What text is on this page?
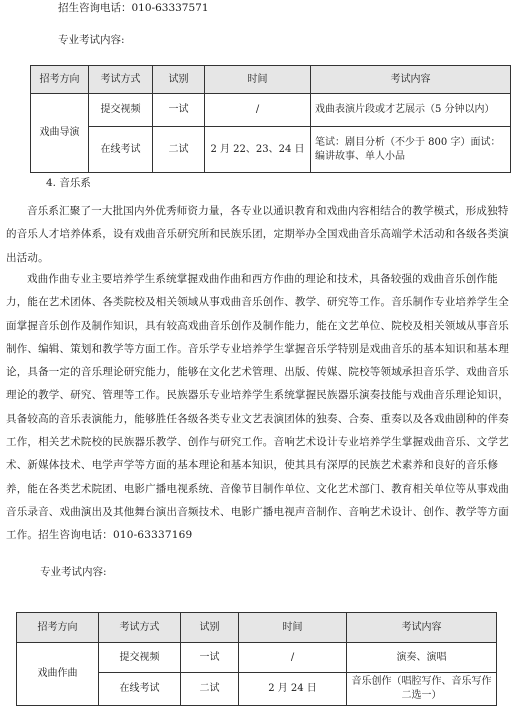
招生咨询电话：010-63337571
专业考试内容:
招考方向	考试方式	试别	时间	考试内容
戏曲导演	提交视频	一试	/	戏曲表演片段或才艺展示（5 分钟以内）
	在线考试	二试	2 月 22、23、24 日	笔试：剧目分析（不少于 800 字）面试：编讲故事、单人小品
4. 音乐系

音乐系汇聚了一大批国内外优秀师资力量，各专业以通识教育和戏曲内容相结合的教学模式，形成独特的音乐人才培养体系，设有戏曲音乐研究所和民族乐团，定期举办全国戏曲音乐高端学术活动和各级各类演出活动。

戏曲作曲专业主要培养学生系统掌握戏曲作曲和西方作曲的理论和技术，具备较强的戏曲音乐创作能力，能在艺术团体、各类院校及相关领域从事戏曲音乐创作、教学、研究等工作。音乐制作专业培养学生全面掌握音乐创作及制作知识，具有较高戏曲音乐创作及制作能力，能在文艺单位、院校及相关领域从事音乐制作、编辑、策划和教学等方面工作。音乐学专业培养学生掌握音乐学特别是戏曲音乐的基本知识和基本理论，具备一定的音乐理论研究能力，能够在文化艺术管理、出版、传媒、院校等领域承担音乐学、戏曲音乐理论的教学、研究、管理等工作。民族器乐专业培养学生系统掌握民族器乐演奏技能与戏曲音乐理论知识，具备较高的音乐表演能力，能够胜任各级各类专业文艺表演团体的独奏、合奏、重奏以及各戏曲剧种的伴奏工作，相关艺术院校的民族器乐教学、创作与研究工作。音响艺术设计专业培养学生掌握戏曲音乐、文学艺术、新媒体技术、电学声学等方面的基本理论和基本知识，使其具有深厚的民族艺术素养和良好的音乐修养，能在各类艺术院团、电影广播电视系统、音像节目制作单位、文化艺术部门、教育相关单位等从事戏曲音乐录音、戏曲演出及其他舞台演出音频技术、电影广播电视声音制作、音响艺术设计、创作、教学等方面工作。招生咨询电话：010-63337169

专业考试内容:
招考方向	考试方式	试别	时间	考试内容
戏曲作曲	提交视频	一试	/	演奏、演唱
	在线考试	二试	2 月 24 日	音乐创作（唱腔写作、音乐写作二选一）
